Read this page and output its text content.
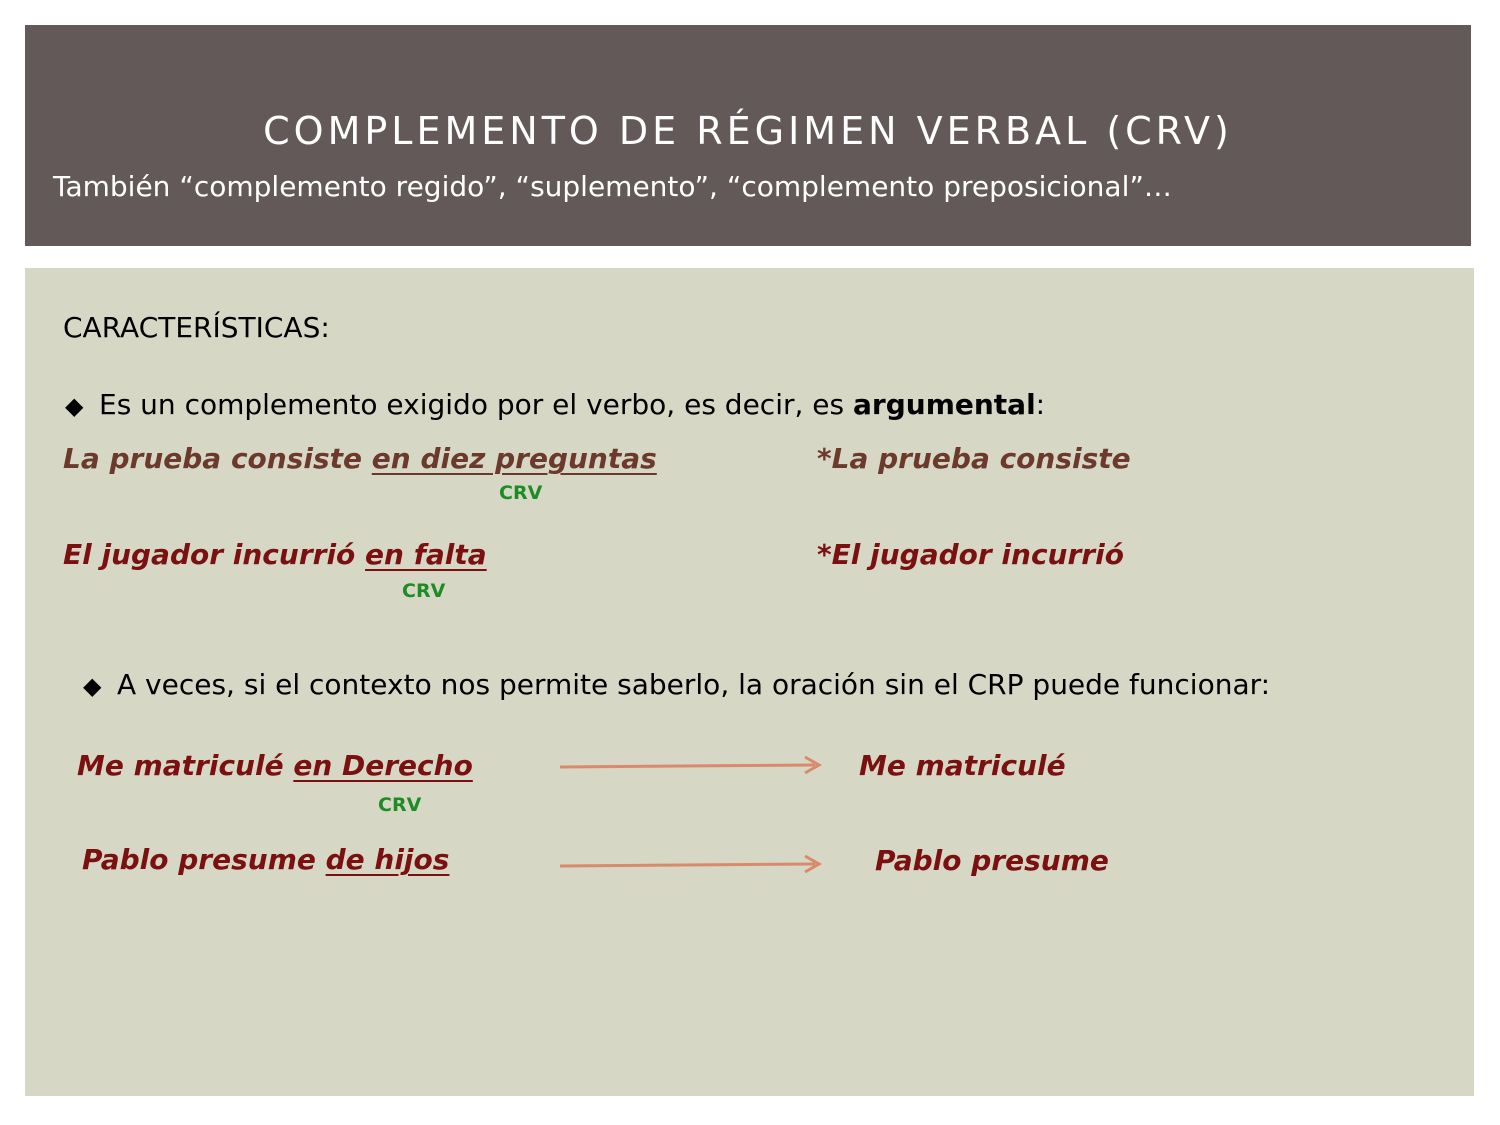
COMPLEMENTO DE RÉGIMEN VERBAL (CRV)
También “complemento regido”, “suplemento”, “complemento preposicional”…
CARACTERÍSTICAS:
◆ Es un complemento exigido por el verbo, es decir, es argumental:
La prueba consiste en diez preguntas
CRV
*La prueba consiste
El jugador incurrió en falta
CRV
*El jugador incurrió
◆ A veces, si el contexto nos permite saberlo, la oración sin el CRP puede funcionar:
Me matriculé en Derecho
CRV
Me matriculé
Pablo presume de hijos	Pablo presume
